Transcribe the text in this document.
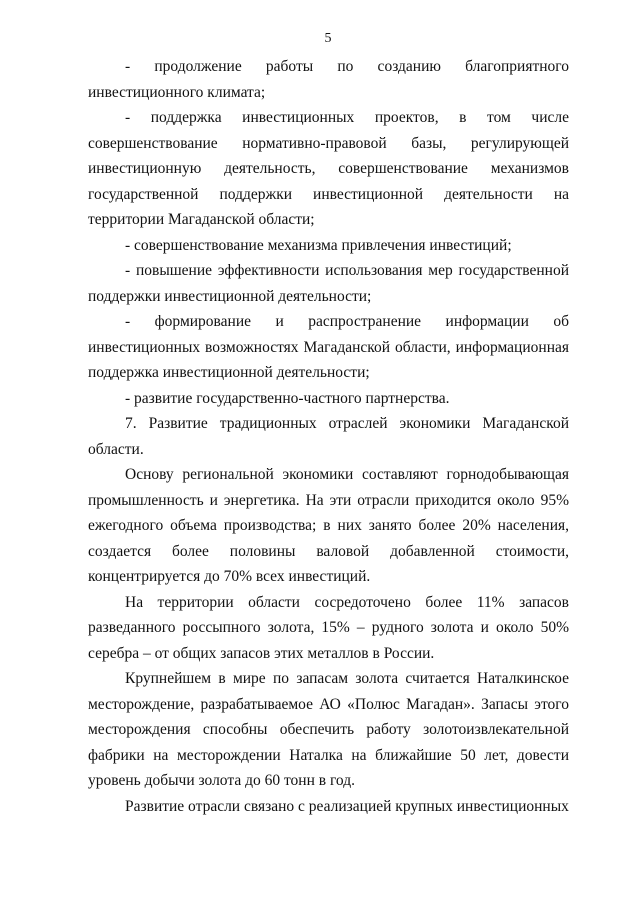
5

- продолжение работы по созданию благоприятного инвестиционного климата;

- поддержка инвестиционных проектов, в том числе совершенствование нормативно-правовой базы, регулирующей инвестиционную деятельность, совершенствование механизмов государственной поддержки инвестиционной деятельности на территории Магаданской области;

- совершенствование механизма привлечения инвестиций;

- повышение эффективности использования мер государственной поддержки инвестиционной деятельности;

- формирование и распространение информации об инвестиционных возможностях Магаданской области, информационная поддержка инвестиционной деятельности;

- развитие государственно-частного партнерства.

7. Развитие традиционных отраслей экономики Магаданской области.

Основу региональной экономики составляют горнодобывающая промышленность и энергетика. На эти отрасли приходится около 95% ежегодного объема производства; в них занято более 20% населения, создается более половины валовой добавленной стоимости, концентрируется до 70% всех инвестиций.

На территории области сосредоточено более 11% запасов разведанного россыпного золота, 15% – рудного золота и около 50% серебра – от общих запасов этих металлов в России.

Крупнейшем в мире по запасам золота считается Наталкинское месторождение, разрабатываемое АО «Полюс Магадан». Запасы этого месторождения способны обеспечить работу золотоизвлекательной фабрики на месторождении Наталка на ближайшие 50 лет, довести уровень добычи золота до 60 тонн в год.

Развитие отрасли связано с реализацией крупных инвестиционных
